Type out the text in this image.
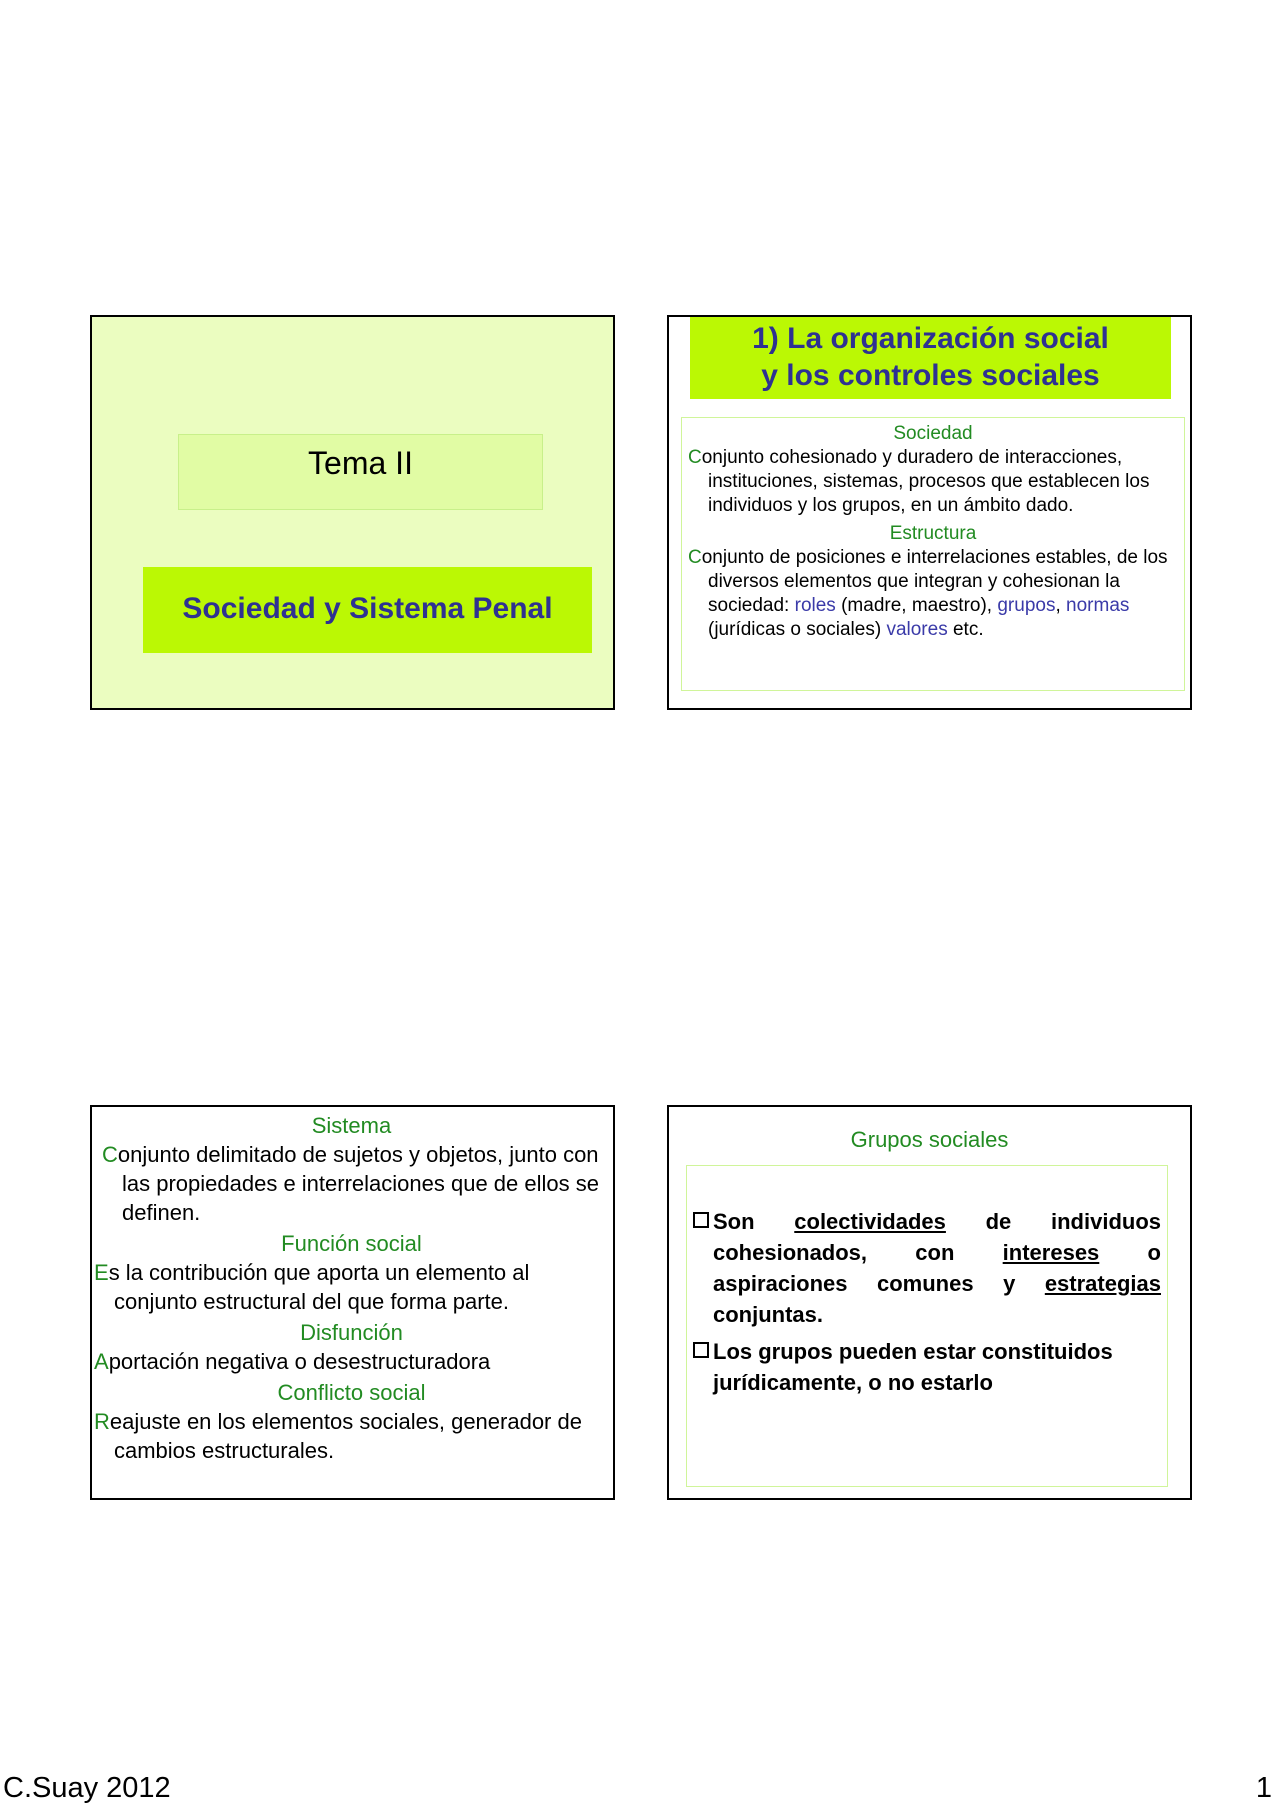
Tema II
Sociedad y Sistema Penal
1) La organización social
y los controles sociales
Sociedad
Conjunto cohesionado y duradero de interacciones, instituciones, sistemas, procesos que establecen los individuos y los grupos, en un ámbito dado.
Estructura
Conjunto de posiciones e interrelaciones estables, de los diversos elementos que integran y cohesionan la sociedad: roles (madre, maestro), grupos, normas (jurídicas o sociales) valores etc.
Sistema
Conjunto delimitado de sujetos y objetos, junto con las propiedades e interrelaciones que de ellos se definen.
Función social
Es la contribución que aporta un elemento al conjunto estructural del que forma parte.
Disfunción
Aportación negativa o desestructuradora
Conflicto social
Reajuste en los elementos sociales, generador de cambios estructurales.
Grupos sociales
Son colectividades de individuos cohesionados, con intereses o aspiraciones comunes y estrategias conjuntas.
Los grupos pueden estar constituidos jurídicamente, o no estarlo
C.Suay 2012	1
